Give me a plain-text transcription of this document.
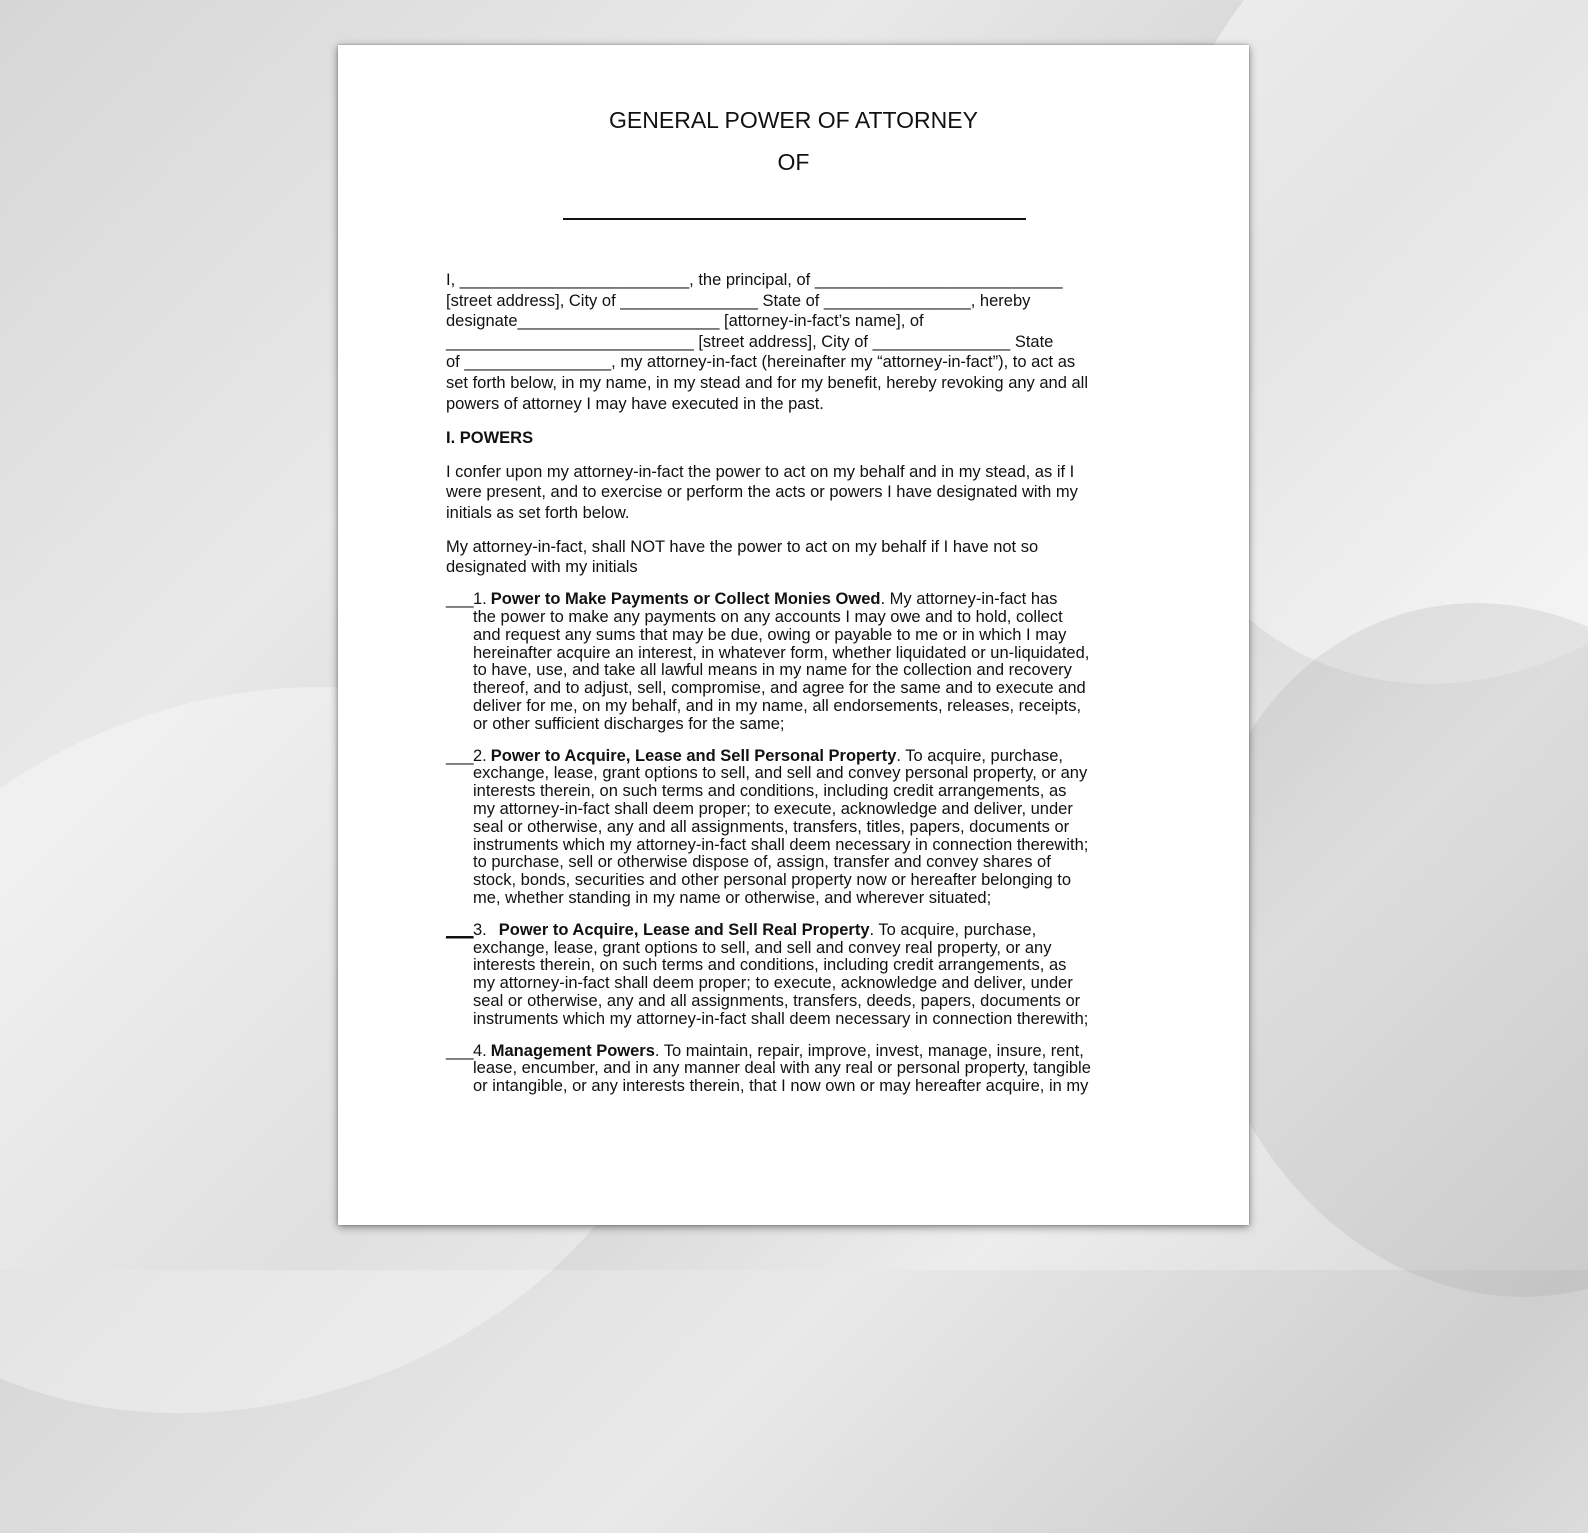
GENERAL POWER OF ATTORNEY
OF

I, _________________________, the principal, of ___________________________
[street address], City of _______________ State of ________________, hereby
designate______________________ [attorney-in-fact’s name], of
___________________________ [street address], City of _______________ State
of ________________, my attorney-in-fact (hereinafter my “attorney-in-fact”), to act as
set forth below, in my name, in my stead and for my benefit, hereby revoking any and all
powers of attorney I may have executed in the past.

I. POWERS

I confer upon my attorney-in-fact the power to act on my behalf and in my stead, as if I
were present, and to exercise or perform the acts or powers I have designated with my
initials as set forth below.

My attorney-in-fact, shall NOT have the power to act on my behalf if I have not so
designated with my initials

___ 1. Power to Make Payments or Collect Monies Owed. My attorney-in-fact has
the power to make any payments on any accounts I may owe and to hold, collect
and request any sums that may be due, owing or payable to me or in which I may
hereinafter acquire an interest, in whatever form, whether liquidated or un-liquidated,
to have, use, and take all lawful means in my name for the collection and recovery
thereof, and to adjust, sell, compromise, and agree for the same and to execute and
deliver for me, on my behalf, and in my name, all endorsements, releases, receipts,
or other sufficient discharges for the same;
___ 2. Power to Acquire, Lease and Sell Personal Property. To acquire, purchase,
exchange, lease, grant options to sell, and sell and convey personal property, or any
interests therein, on such terms and conditions, including credit arrangements, as
my attorney-in-fact shall deem proper; to execute, acknowledge and deliver, under
seal or otherwise, any and all assignments, transfers, titles, papers, documents or
instruments which my attorney-in-fact shall deem necessary in connection therewith;
to purchase, sell or otherwise dispose of, assign, transfer and convey shares of
stock, bonds, securities and other personal property now or hereafter belonging to
me, whether standing in my name or otherwise, and wherever situated;
___ 3. Power to Acquire, Lease and Sell Real Property. To acquire, purchase,
exchange, lease, grant options to sell, and sell and convey real property, or any
interests therein, on such terms and conditions, including credit arrangements, as
my attorney-in-fact shall deem proper; to execute, acknowledge and deliver, under
seal or otherwise, any and all assignments, transfers, deeds, papers, documents or
instruments which my attorney-in-fact shall deem necessary in connection therewith;
___ 4. Management Powers. To maintain, repair, improve, invest, manage, insure, rent,
lease, encumber, and in any manner deal with any real or personal property, tangible
or intangible, or any interests therein, that I now own or may hereafter acquire, in my
